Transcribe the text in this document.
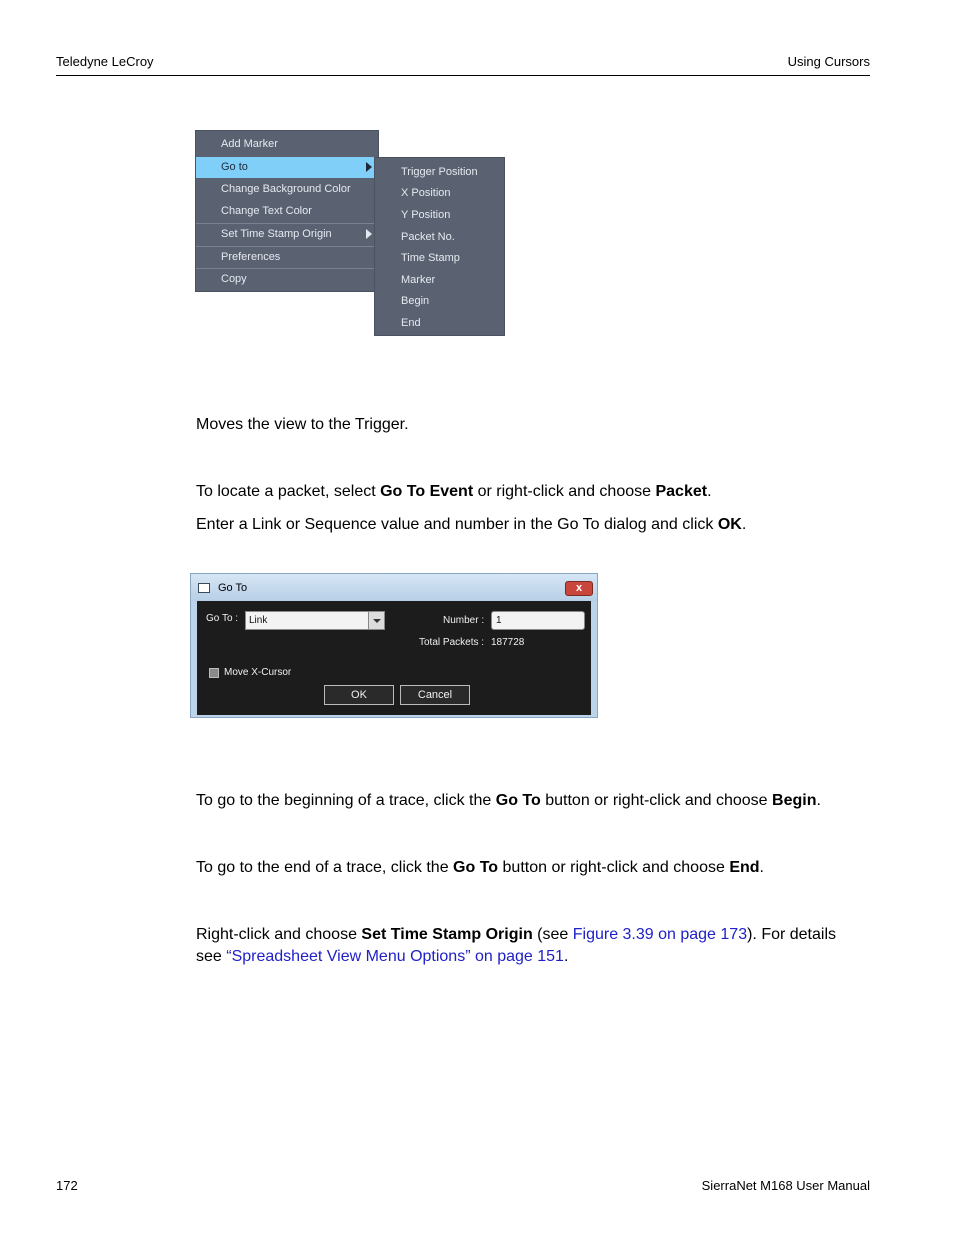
Teledyne LeCroy	Using Cursors
Add Marker
Go to
Change Background Color
Change Text Color
Set Time Stamp Origin
Preferences
Copy
Trigger Position
X Position
Y Position
Packet No.
Time Stamp
Marker
Begin
End
Moves the view to the Trigger.
To locate a packet, select Go To Event or right-click and choose Packet.
Enter a Link or Sequence value and number in the Go To dialog and click OK.
Go To	x
Go To :	Link	Number :	1
Total Packets : 187728
Move X-Cursor
OK	Cancel
To go to the beginning of a trace, click the Go To button or right-click and choose Begin.
To go to the end of a trace, click the Go To button or right-click and choose End.
Right-click and choose Set Time Stamp Origin (see Figure 3.39 on page 173). For details
see “Spreadsheet View Menu Options” on page 151.
172	SierraNet M168 User Manual
